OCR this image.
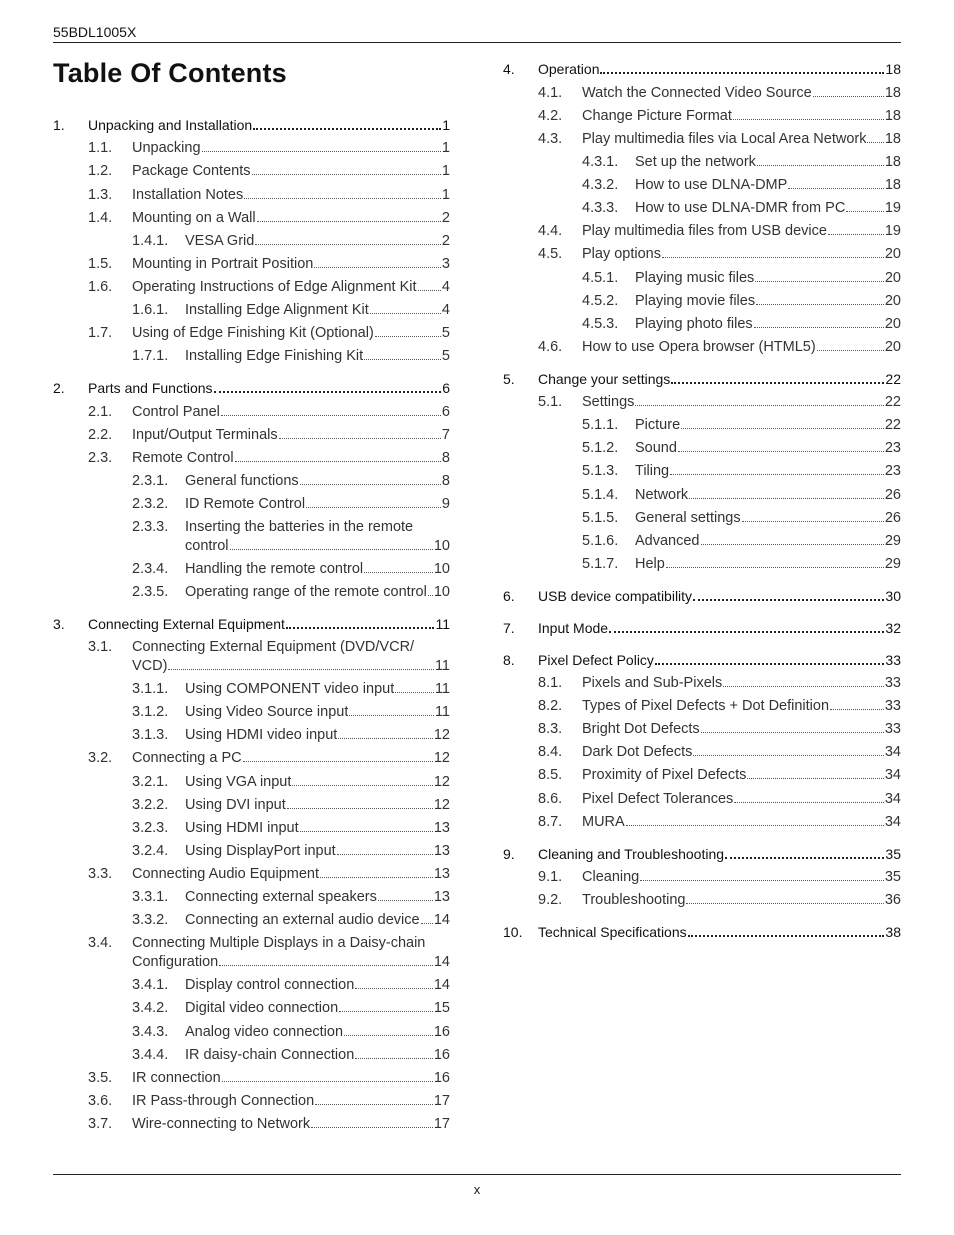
55BDL1005X
Table Of Contents
1.	Unpacking and Installation	1
1.1.	Unpacking	1
1.2.	Package Contents	1
1.3.	Installation Notes	1
1.4.	Mounting on a Wall	2
1.4.1.	VESA Grid	2
1.5.	Mounting in Portrait Position	3
1.6.	Operating Instructions of Edge Alignment Kit 4
1.6.1.	Installing Edge Alignment Kit	4
1.7.	Using of Edge Finishing Kit (Optional)	5
1.7.1.	Installing Edge Finishing Kit	5
2.	Parts and Functions	6
2.1.	Control Panel	6
2.2.	Input/Output Terminals	7
2.3.	Remote Control	8
2.3.1.	General functions	8
2.3.2.	ID Remote Control	9
2.3.3.	Inserting the batteries in the remote
control	10
2.3.4.	Handling the remote control	10
2.3.5.	Operating range of the remote control 10
3.	Connecting External Equipment	11
3.1.	Connecting External Equipment (DVD/VCR/
VCD)	11
3.1.1.	Using COMPONENT video input	11
3.1.2.	Using Video Source input	11
3.1.3.	Using HDMI video input	12
3.2.	Connecting a PC	12
3.2.1.	Using VGA input	12
3.2.2.	Using DVI input	12
3.2.3.	Using HDMI input	13
3.2.4.	Using DisplayPort input	13
3.3.	Connecting Audio Equipment	13
3.3.1.	Connecting external speakers	13
3.3.2.	Connecting an external audio device 14
3.4.	Connecting Multiple Displays in a Daisy-chain
Configuration	14
3.4.1.	Display control connection	14
3.4.2.	Digital video connection	15
3.4.3.	Analog video connection	16
3.4.4.	IR daisy-chain Connection	16
3.5.	IR connection	16
3.6.	IR Pass-through Connection	17
3.7.	Wire-connecting to Network	17
4.	Operation	18
4.1.	Watch the Connected Video Source	18
4.2.	Change Picture Format	18
4.3.	Play multimedia files via Local Area Network 18
4.3.1.	Set up the network	18
4.3.2.	How to use DLNA-DMP	18
4.3.3.	How to use DLNA-DMR from PC	19
4.4.	Play multimedia files from USB device	19
4.5.	Play options	20
4.5.1.	Playing music files	20
4.5.2.	Playing movie files	20
4.5.3.	Playing photo files	20
4.6.	How to use Opera browser (HTML5)	20
5.	Change your settings	22
5.1.	Settings	22
5.1.1.	Picture	22
5.1.2.	Sound	23
5.1.3.	Tiling	23
5.1.4.	Network	26
5.1.5.	General settings	26
5.1.6.	Advanced	29
5.1.7.	Help	29
6.	USB device compatibility	30
7.	Input Mode	32
8.	Pixel Defect Policy	33
8.1.	Pixels and Sub-Pixels	33
8.2.	Types of Pixel Defects + Dot Definition	33
8.3.	Bright Dot Defects	33
8.4.	Dark Dot Defects	34
8.5.	Proximity of Pixel Defects	34
8.6.	Pixel Defect Tolerances	34
8.7.	MURA	34
9.	Cleaning and Troubleshooting	35
9.1.	Cleaning	35
9.2.	Troubleshooting	36
10.	Technical Specifications	38
x
